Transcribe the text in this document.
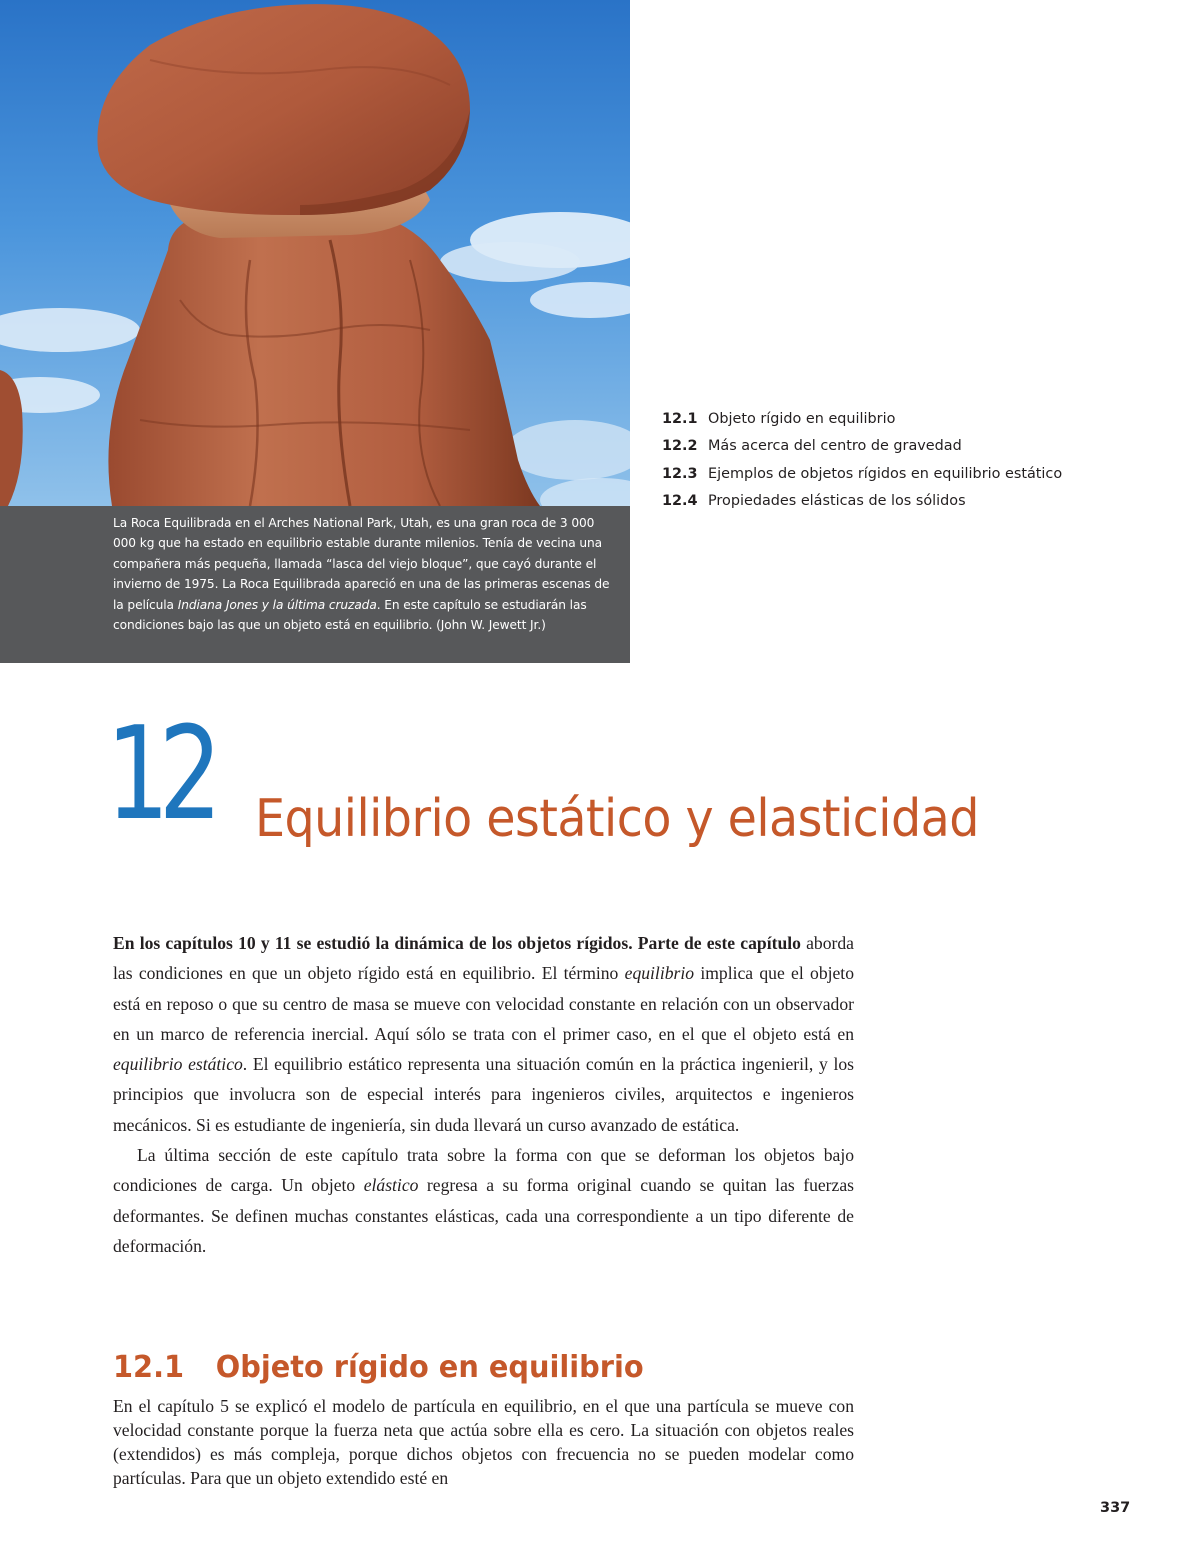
La Roca Equilibrada en el Arches National Park, Utah, es una gran roca de 3 000 000 kg que ha estado en equilibrio estable durante milenios. Tenía de vecina una compañera más pequeña, llamada “lasca del viejo bloque”, que cayó durante el invierno de 1975. La Roca Equilibrada apareció en una de las primeras escenas de la película Indiana Jones y la última cruzada. En este capítulo se estudiarán las condiciones bajo las que un objeto está en equilibrio. (John W. Jewett Jr.)
12.1 Objeto rígido en equilibrio
12.2 Más acerca del centro de gravedad
12.3 Ejemplos de objetos rígidos en equilibrio estático
12.4 Propiedades elásticas de los sólidos
12 Equilibrio estático y elasticidad

En los capítulos 10 y 11 se estudió la dinámica de los objetos rígidos. Parte de este capítulo aborda las condiciones en que un objeto rígido está en equilibrio. El término equilibrio implica que el objeto está en reposo o que su centro de masa se mueve con velocidad constante en relación con un observador en un marco de referencia inercial. Aquí sólo se trata con el primer caso, en el que el objeto está en equilibrio estático. El equilibrio estático representa una situación común en la práctica ingenieril, y los principios que involucra son de especial interés para ingenieros civiles, arquitectos e ingenieros mecánicos. Si es estudiante de ingeniería, sin duda llevará un curso avanzado de estática.

La última sección de este capítulo trata sobre la forma con que se deforman los objetos bajo condiciones de carga. Un objeto elástico regresa a su forma original cuando se quitan las fuerzas deformantes. Se definen muchas constantes elásticas, cada una correspondiente a un tipo diferente de deformación.

12.1 Objeto rígido en equilibrio

En el capítulo 5 se explicó el modelo de partícula en equilibrio, en el que una partícula se mueve con velocidad constante porque la fuerza neta que actúa sobre ella es cero. La situación con objetos reales (extendidos) es más compleja, porque dichos objetos con frecuencia no se pueden modelar como partículas. Para que un objeto extendido esté en

337
